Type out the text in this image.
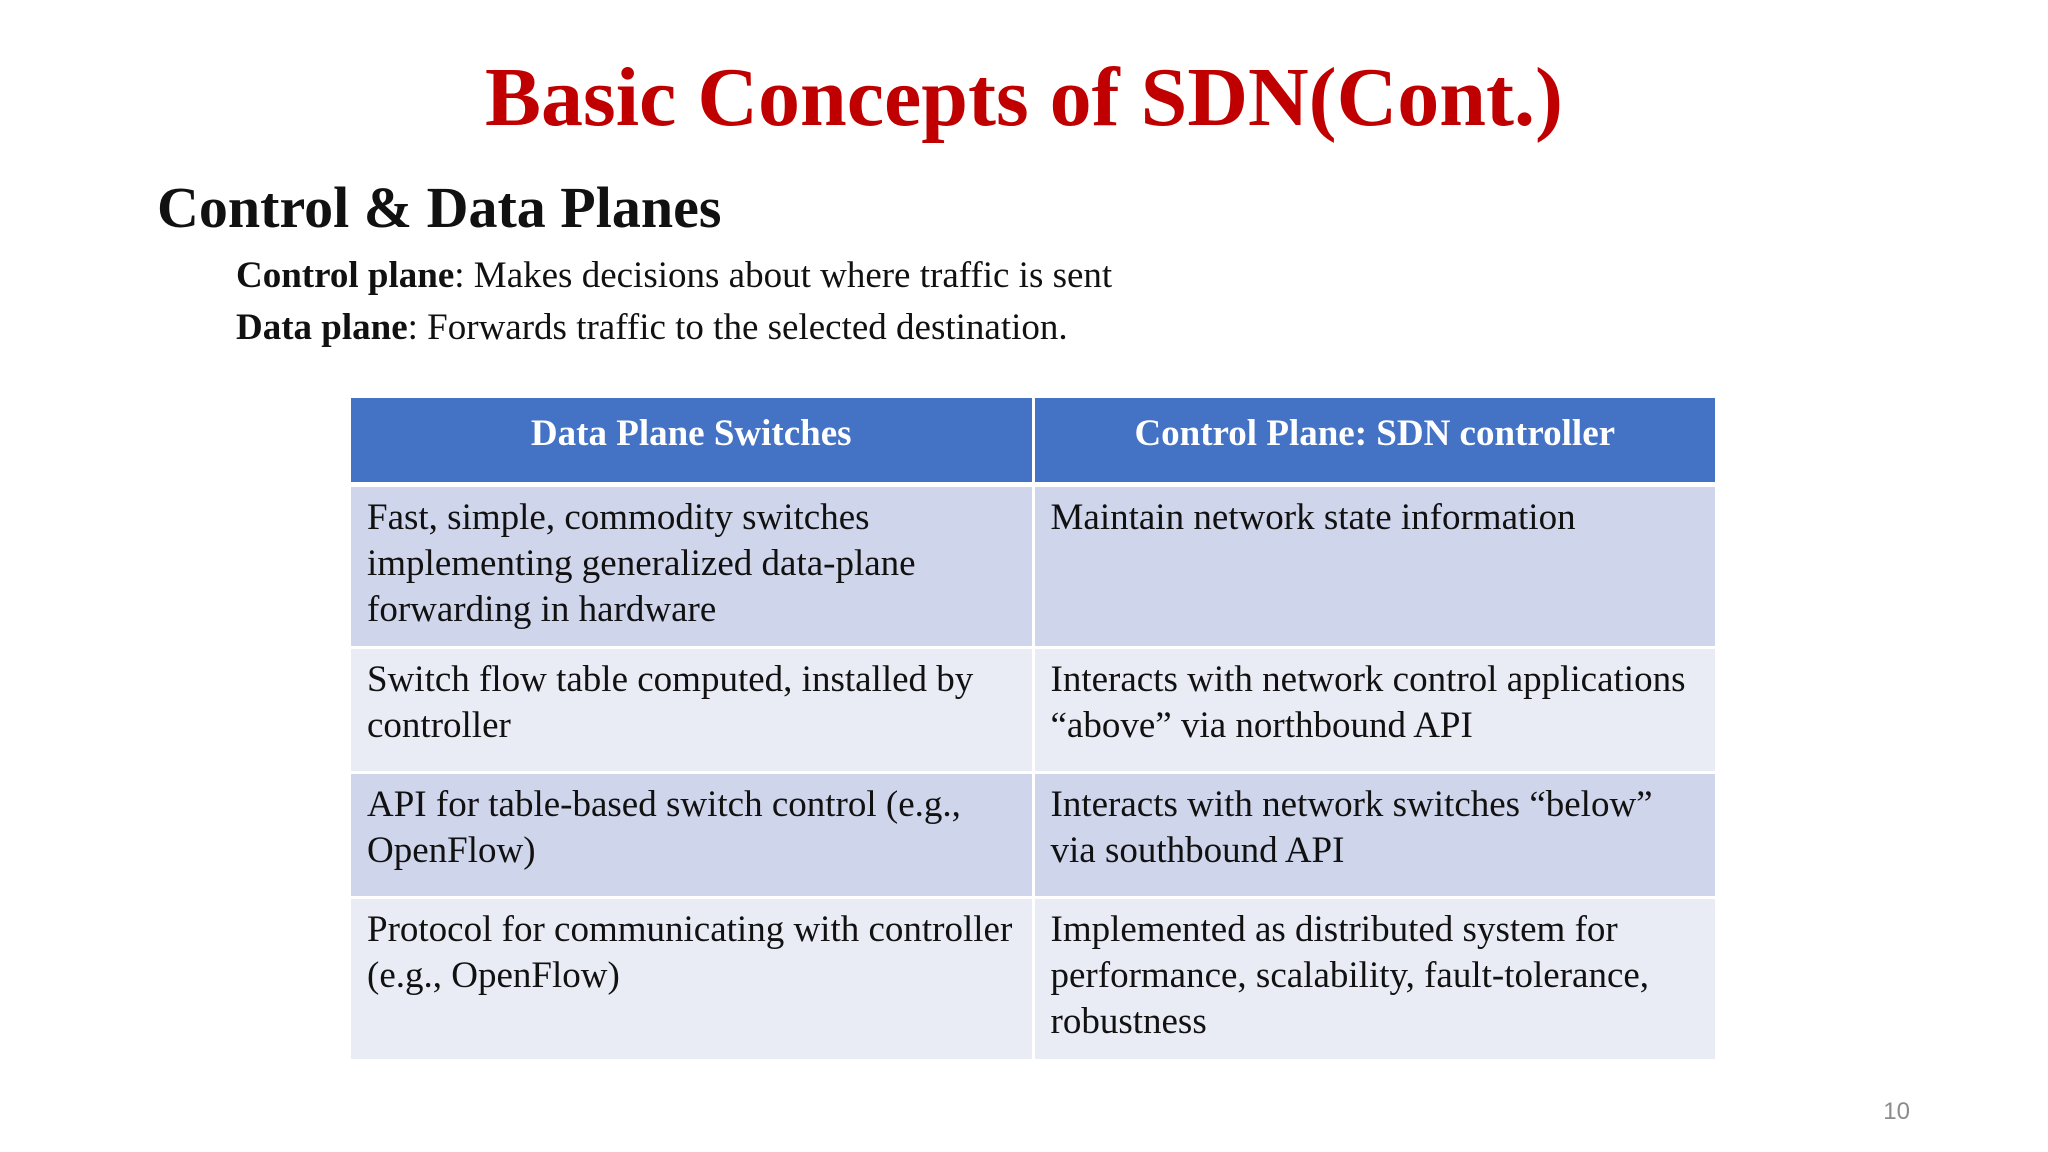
Basic Concepts of SDN(Cont.)
Control & Data Planes
Control plane: Makes decisions about where traffic is sent
Data plane: Forwards traffic to the selected destination.
Data Plane Switches	Control Plane: SDN controller
Fast, simple, commodity switches implementing generalized data-plane forwarding in hardware	Maintain network state information
Switch flow table computed, installed by controller	Interacts with network control applications “above” via northbound API
API for table-based switch control (e.g., OpenFlow)	Interacts with network switches “below” via southbound API
Protocol for communicating with controller (e.g., OpenFlow)	Implemented as distributed system for performance, scalability, fault-tolerance, robustness
10
